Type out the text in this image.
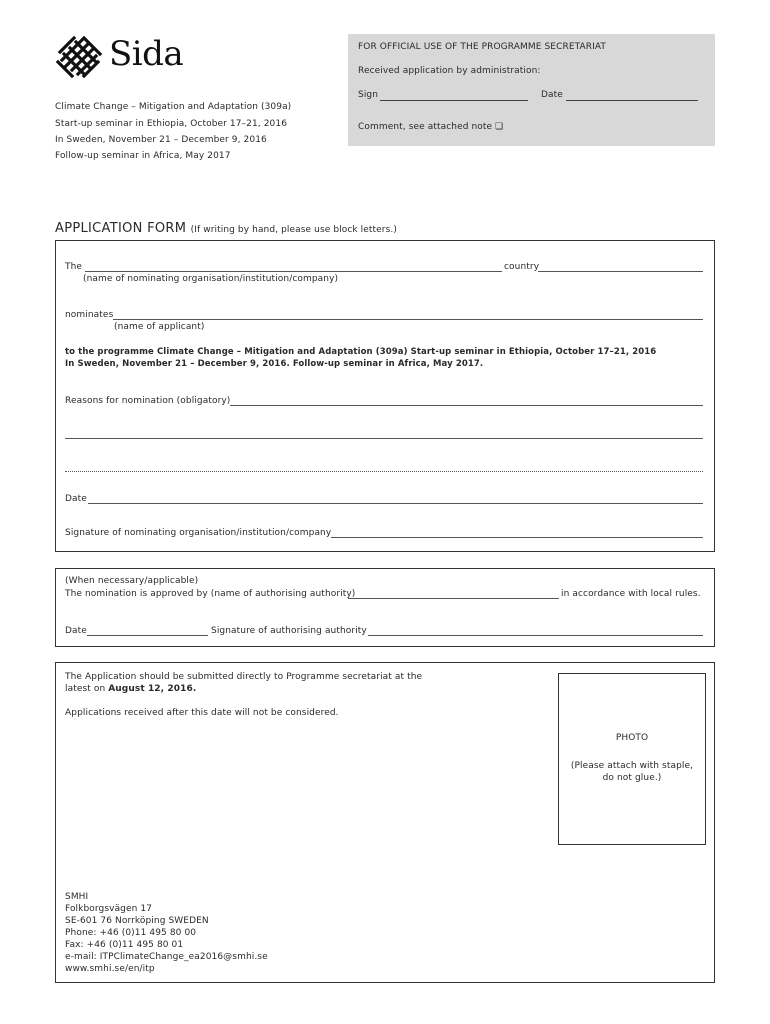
Sida
Climate Change – Mitigation and Adaptation (309a)
Start-up seminar in Ethiopia, October 17–21, 2016
In Sweden, November 21 – December 9, 2016
Follow-up seminar in Africa, May 2017
FOR OFFICIAL USE OF THE PROGRAMME SECRETARIAT
Received application by administration:
Sign	Date
Comment, see attached note ❏
APPLICATION FORM (If writing by hand, please use block letters.)
The	country
(name of nominating organisation/institution/company)
nominates
(name of applicant)
to the programme Climate Change – Mitigation and Adaptation (309a) Start-up seminar in Ethiopia, October 17–21, 2016
In Sweden, November 21 – December 9, 2016. Follow-up seminar in Africa, May 2017.
Reasons for nomination (obligatory)
Date
Signature of nominating organisation/institution/company
(When necessary/applicable)
The nomination is approved by (name of authorising authority)	in accordance with local rules.
Date	Signature of authorising authority
The Application should be submitted directly to Programme secretariat at the
latest on August 12, 2016.
Applications received after this date will not be considered.
SMHI
Folkborgsvägen 17
SE-601 76 Norrköping SWEDEN
Phone: +46 (0)11 495 80 00
Fax: +46 (0)11 495 80 01
e-mail: ITPClimateChange_ea2016@smhi.se
www.smhi.se/en/itp
PHOTO
(Please attach with staple,
do not glue.)
